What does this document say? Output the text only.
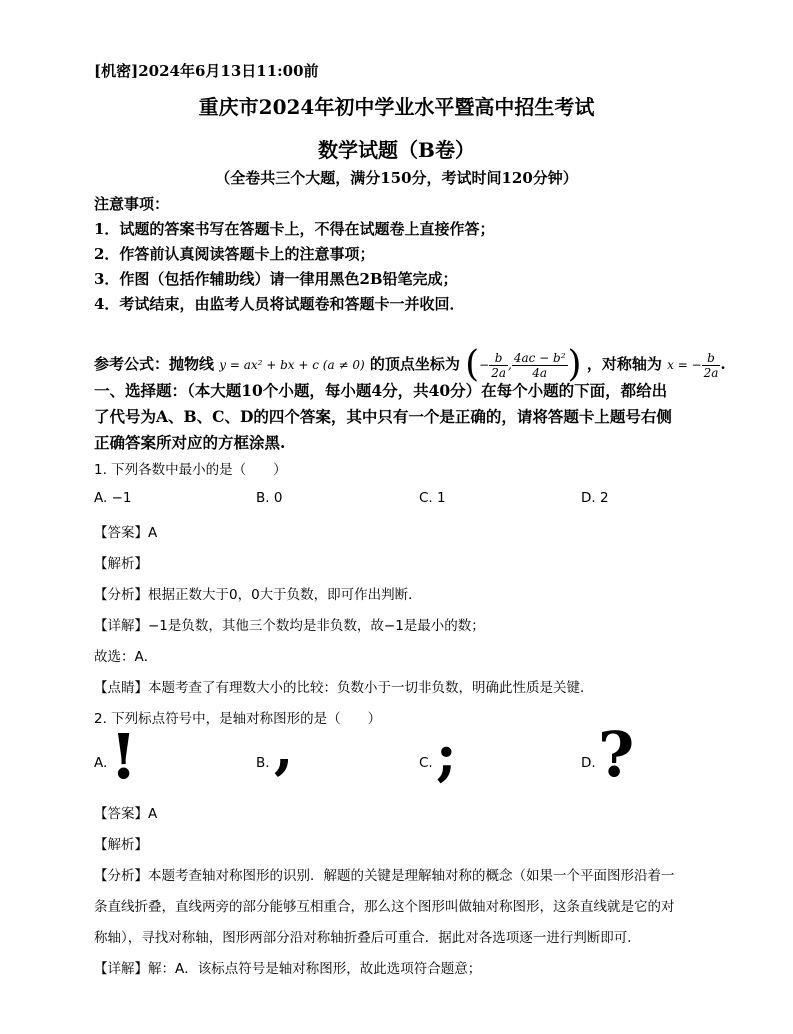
[机密]2024年6月13日11:00前
重庆市2024年初中学业水平暨高中招生考试
数学试题（B卷）
（全卷共三个大题，满分150分，考试时间120分钟）
注意事项：
1．试题的答案书写在答题卡上，不得在试题卷上直接作答；
2．作答前认真阅读答题卡上的注意事项；
3．作图（包括作辅助线）请一律用黑色2B铅笔完成；
4．考试结束，由监考人员将试题卷和答题卡一并收回．
参考公式：抛物线 y = ax² + bx + c (a ≠ 0) 的顶点坐标为 (− $\frac{b}{2a}$ , $\frac{\text{4ac − b²}}{4a}$ ) ，对称轴为 x = − $\frac{b}{2a}$ .
一、选择题：（本大题10个小题，每小题4分，共40分）在每个小题的下面，都给出
了代号为A、B、C、D的四个答案，其中只有一个是正确的，请将答题卡上题号右侧
正确答案所对应的方框涂黑.
1. 下列各数中最小的是（　　）
A. −1	B. 0	C. 1	D. 2
【答案】A
【解析】
【分析】根据正数大于0，0大于负数，即可作出判断．
【详解】−1是负数，其他三个数均是非负数，故−1是最小的数；
故选：A．
【点睛】本题考查了有理数大小的比较：负数小于一切非负数，明确此性质是关键．
2. 下列标点符号中，是轴对称图形的是（　　）
A. !	B. ,	C. ;	D. ?
【答案】A
【解析】
【分析】本题考查轴对称图形的识别．解题的关键是理解轴对称的概念（如果一个平面图形沿着一
条直线折叠，直线两旁的部分能够互相重合，那么这个图形叫做轴对称图形，这条直线就是它的对
称轴），寻找对称轴，图形两部分沿对称轴折叠后可重合．据此对各选项逐一进行判断即可．
【详解】解：A．该标点符号是轴对称图形，故此选项符合题意；
